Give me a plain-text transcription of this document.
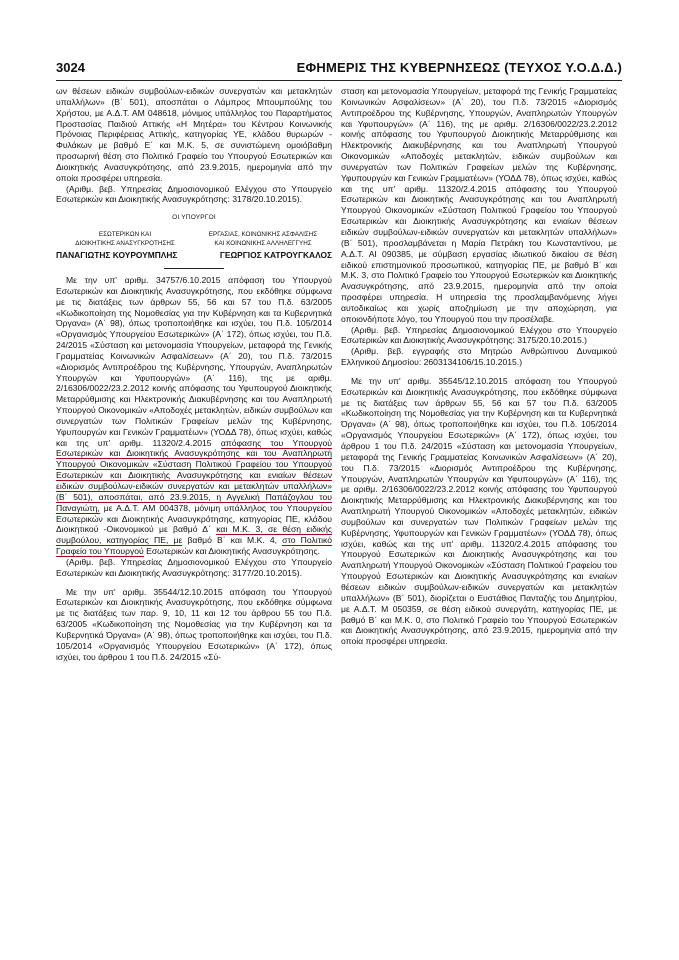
3024	ΕΦΗΜΕΡΙΣ ΤΗΣ ΚΥΒΕΡΝΗΣΕΩΣ (ΤΕΥΧΟΣ Υ.Ο.Δ.Δ.)

ων θέσεων ειδικών συμβούλων-ειδικών συνεργατών και μετακλητών υπαλλήλων» (Β΄ 501), αποσπάται ο Λάμπρος Μπουμπούλης του Χρήστου, με Α.Δ.Τ. ΑΜ 048618, μόνιμος υπάλληλος του Παραρτήματος Προστασίας Παιδιού Αττικής «Η Μητέρα» του Κέντρου Κοινωνικής Πρόνοιας Περιφέρειας Αττικής, κατηγορίας ΥΕ, κλάδου θυρωρών - Φυλάκων με βαθμό Ε΄ και Μ.Κ. 5, σε συνιστώμενη ομοιόβαθμη προσωρινή θέση στο Πολιτικό Γραφείο του Υπουργού Εσωτερικών και Διοικητικής Ανασυγκρότησης, από 23.9.2015, ημερομηνία από την οποία προσφέρει υπηρεσία.

(Αριθμ. βεβ. Υπηρεσίας Δημοσιονομικού Ελέγχου στο Υπουργείο Εσωτερικών και Διοικητικής Ανασυγκρότησης: 3178/20.10.2015).

ΟΙ ΥΠΟΥΡΓΟΙ
ΕΣΩΤΕΡΙΚΩΝ ΚΑΙ
ΔΙΟΙΚΗΤΙΚΗΣ ΑΝΑΣΥΓΚΡΟΤΗΣΗΣ
ΕΡΓΑΣΙΑΣ, ΚΟΙΝΩΝΙΚΗΣ ΑΣΦΑΛΙΣΗΣ
ΚΑΙ ΚΟΙΝΩΝΙΚΗΣ ΑΛΛΗΛΕΓΓΥΗΣ
ΠΑΝΑΓΙΩΤΗΣ ΚΟΥΡΟΥΜΠΛΗΣ	ΓΕΩΡΓΙΟΣ ΚΑΤΡΟΥΓΚΑΛΟΣ

Με την υπ' αριθμ. 34757/6.10.2015 απόφαση του Υπουργού Εσωτερικών και Διοικητικής Ανασυγκρότησης, που εκδόθηκε σύμφωνα με τις διατάξεις των άρθρων 55, 56 και 57 του Π.δ. 63/2005 «Κωδικοποίηση της Νομοθεσίας για την Κυβέρνηση και τα Κυβερνητικά Όργανα» (Α΄ 98), όπως τροποποιήθηκε και ισχύει, του Π.δ. 105/2014 «Οργανισμός Υπουργείου Εσωτερικών» (Α΄ 172), όπως ισχύει, του Π.δ. 24/2015 «Σύσταση και μετονομασία Υπουργείων, μεταφορά της Γενικής Γραμματείας Κοινωνικών Ασφαλίσεων» (Α΄ 20), του Π.δ. 73/2015 «Διορισμός Αντιπροέδρου της Κυβέρνησης, Υπουργών, Αναπληρωτών Υπουργών και Υφυπουργών» (Α΄ 116), της με αριθμ. 2/16306/0022/23.2.2012 κοινής απόφασης του Υφυπουργού Διοικητικής Μεταρρύθμισης και Ηλεκτρονικής Διακυβέρνησης και του Αναπληρωτή Υπουργού Οικονομικών «Αποδοχές μετακλητών, ειδικών συμβούλων και συνεργατών των Πολιτικών Γραφείων μελών της Κυβέρνησης, Υφυπουργών και Γενικών Γραμματέων» (ΥΟΔΔ 78), όπως ισχύει, καθώς και της υπ' αριθμ. 11320/2.4.2015 απόφασης του Υπουργού Εσωτερικών και Διοικητικής Ανασυγκρότησης και του Αναπληρωτή Υπουργού Οικονομικών «Σύσταση Πολιτικού Γραφείου του Υπουργού Εσωτερικών και Διοικητικής Ανασυγκρότησης και ενιαίων θέσεων ειδικών συμβούλων-ειδικών συνεργατών και μετακλητών υπαλλήλων» (Β΄ 501), αποσπάται, από 23.9.2015, η Αγγελική Παπάζογλου του Παναγιώτη, με Α.Δ.Τ. ΑΜ 004378, μόνιμη υπάλληλος του Υπουργείου Εσωτερικών και Διοικητικής Ανασυγκρότησης, κατηγορίας ΠΕ, κλάδου Διοικητικού -Οικονομικού με βαθμό Δ΄ και Μ.Κ. 3, σε θέση ειδικής συμβούλου, κατηγορίας ΠΕ, με βαθμό Β΄ και Μ.Κ. 4, στο Πολιτικό Γραφείο του Υπουργού Εσωτερικών και Διοικητικής Ανασυγκρότησης.

(Αριθμ. βεβ. Υπηρεσίας Δημοσιονομικού Ελέγχου στο Υπουργείο Εσωτερικών και Διοικητικής Ανασυγκρότησης: 3177/20.10.2015).

Με την υπ' αριθμ. 35544/12.10.2015 απόφαση του Υπουργού Εσωτερικών και Διοικητικής Ανασυγκρότησης, που εκδόθηκε σύμφωνα με τις διατάξεις των παρ. 9, 10, 11 και 12 του άρθρου 55 του Π.δ. 63/2005 «Κωδικοποίηση της Νομοθεσίας για την Κυβέρνηση και τα Κυβερνητικά Όργανα» (Α΄ 98), όπως τροποποιήθηκε και ισχύει, του Π.δ. 105/2014 «Οργανισμός Υπουργείου Εσωτερικών» (Α΄ 172), όπως ισχύει, του άρθρου 1 του Π.δ. 24/2015 «Σύ-

σταση και μετονομασία Υπουργείων, μεταφορά της Γενικής Γραμματείας Κοινωνικών Ασφαλίσεων» (Α΄ 20), του Π.δ. 73/2015 «Διορισμός Αντιπροέδρου της Κυβέρνησης, Υπουργών, Αναπληρωτών Υπουργών και Υφυπουργών» (Α΄ 116), της με αριθμ. 2/16306/0022/23.2.2012 κοινής απόφασης του Υφυπουργού Διοικητικής Μεταρρύθμισης και Ηλεκτρονικής Διακυβέρνησης και του Αναπληρωτή Υπουργού Οικονομικών «Αποδοχές μετακλητών, ειδικών συμβούλων και συνεργατών των Πολιτικών Γραφείων μελών της Κυβέρνησης, Υφυπουργών και Γενικών Γραμματέων» (ΥΟΔΔ 78), όπως ισχύει, καθώς και της υπ' αριθμ. 11320/2.4.2015 απόφασης του Υπουργού Εσωτερικών και Διοικητικής Ανασυγκρότησης και του Αναπληρωτή Υπουργού Οικονομικών «Σύσταση Πολιτικού Γραφείου του Υπουργού Εσωτερικών και Διοικητικής Ανασυγκρότησης και ενιαίων θέσεων ειδικών συμβούλων-ειδικών συνεργατών και μετακλητών υπαλλήλων» (Β΄ 501), προσλαμβάνεται η Μαρία Πετράκη του Κωνσταντίνου, με Α.Δ.Τ. ΑΙ 090385, με σύμβαση εργασίας ιδιωτικού δικαίου σε θέση ειδικού επιστημονικού προσωπικού, κατηγορίας ΠΕ, με βαθμό Β΄ και Μ.Κ. 3, στο Πολιτικό Γραφείο του Υπουργού Εσωτερικών και Διοικητικής Ανασυγκρότησης, από 23.9.2015, ημερομηνία από την οποία προσφέρει υπηρεσία. Η υπηρεσία της προσλαμβανόμενης λήγει αυτοδικαίως και χωρίς αποζημίωση με την αποχώρηση, για οποιονδήποτε λόγο, του Υπουργού που την προσέλαβε.

(Αριθμ. βεβ. Υπηρεσίας Δημοσιονομικού Ελέγχου στο Υπουργείο Εσωτερικών και Διοικητικής Ανασυγκρότησης: 3175/20.10.2015.)

(Αριθμ. βεβ. εγγραφής στο Μητρώο Ανθρώπινου Δυναμικού Ελληνικού Δημοσίου: 2603134106/15.10.2015.)

Με την υπ' αριθμ. 35545/12.10.2015 απόφαση του Υπουργού Εσωτερικών και Διοικητικής Ανασυγκρότησης, που εκδόθηκε σύμφωνα με τις διατάξεις των άρθρων 55, 56 και 57 του Π.δ. 63/2005 «Κωδικοποίηση της Νομοθεσίας για την Κυβέρνηση και τα Κυβερνητικά Όργανα» (Α΄ 98), όπως τροποποιήθηκε και ισχύει, του Π.δ. 105/2014 «Οργανισμός Υπουργείου Εσωτερικών» (Α΄ 172), όπως ισχύει, του άρθρου 1 του Π.δ. 24/2015 «Σύσταση και μετονομασία Υπουργείων, μεταφορά της Γενικής Γραμματείας Κοινωνικών Ασφαλίσεων» (Α΄ 20), του Π.δ. 73/2015 «Διορισμός Αντιπροέδρου της Κυβέρνησης, Υπουργών, Αναπληρωτών Υπουργών και Υφυπουργών» (Α΄ 116), της με αριθμ. 2/16306/0022/23.2.2012 κοινής απόφασης του Υφυπουργού Διοικητικής Μεταρρύθμισης και Ηλεκτρονικής Διακυβέρνησης και του Αναπληρωτή Υπουργού Οικονομικών «Αποδοχές μετακλητών, ειδικών συμβούλων και συνεργατών των Πολιτικών Γραφείων μελών της Κυβέρνησης, Υφυπουργών και Γενικών Γραμματέων» (ΥΟΔΔ 78), όπως ισχύει, καθώς και της υπ' αριθμ. 11320/2.4.2015 απόφασης του Υπουργού Εσωτερικών και Διοικητικής Ανασυγκρότησης και του Αναπληρωτή Υπουργού Οικονομικών «Σύσταση Πολιτικού Γραφείου του Υπουργού Εσωτερικών και Διοικητικής Ανασυγκρότησης και ενιαίων θέσεων ειδικών συμβούλων-ειδικών συνεργατών και μετακλητών υπαλλήλων» (Β΄ 501), διορίζεται ο Ευστάθιος Πανταζής του Δημητρίου, με Α.Δ.Τ. Μ 050359, σε θέση ειδικού συνεργάτη, κατηγορίας ΠΕ, με βαθμό Β΄ και Μ.Κ. 0, στο Πολιτικό Γραφείο του Υπουργού Εσωτερικών και Διοικητικής Ανασυγκρότησης, από 23.9.2015, ημερομηνία από την οποία προσφέρει υπηρεσία.
